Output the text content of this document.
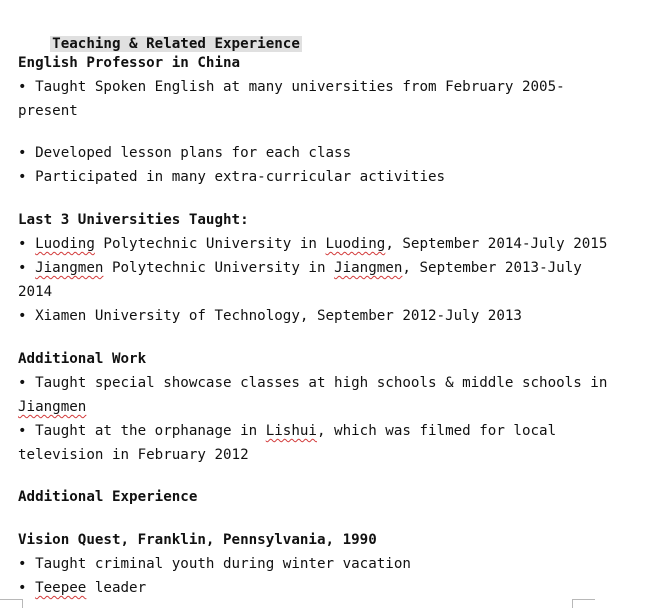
Teaching & Related Experience

English Professor in China
• Taught Spoken English at many universities from February 2005-
present
• Developed lesson plans for each class
• Participated in many extra-curricular activities
Last 3 Universities Taught:
• Luoding Polytechnic University in Luoding, September 2014-July 2015
• Jiangmen Polytechnic University in Jiangmen, September 2013-July
2014
• Xiamen University of Technology, September 2012-July 2013
Additional Work
• Taught special showcase classes at high schools & middle schools in
Jiangmen
• Taught at the orphanage in Lishui, which was filmed for local
television in February 2012
Additional Experience
Vision Quest, Franklin, Pennsylvania, 1990
• Taught criminal youth during winter vacation
• Teepee leader
